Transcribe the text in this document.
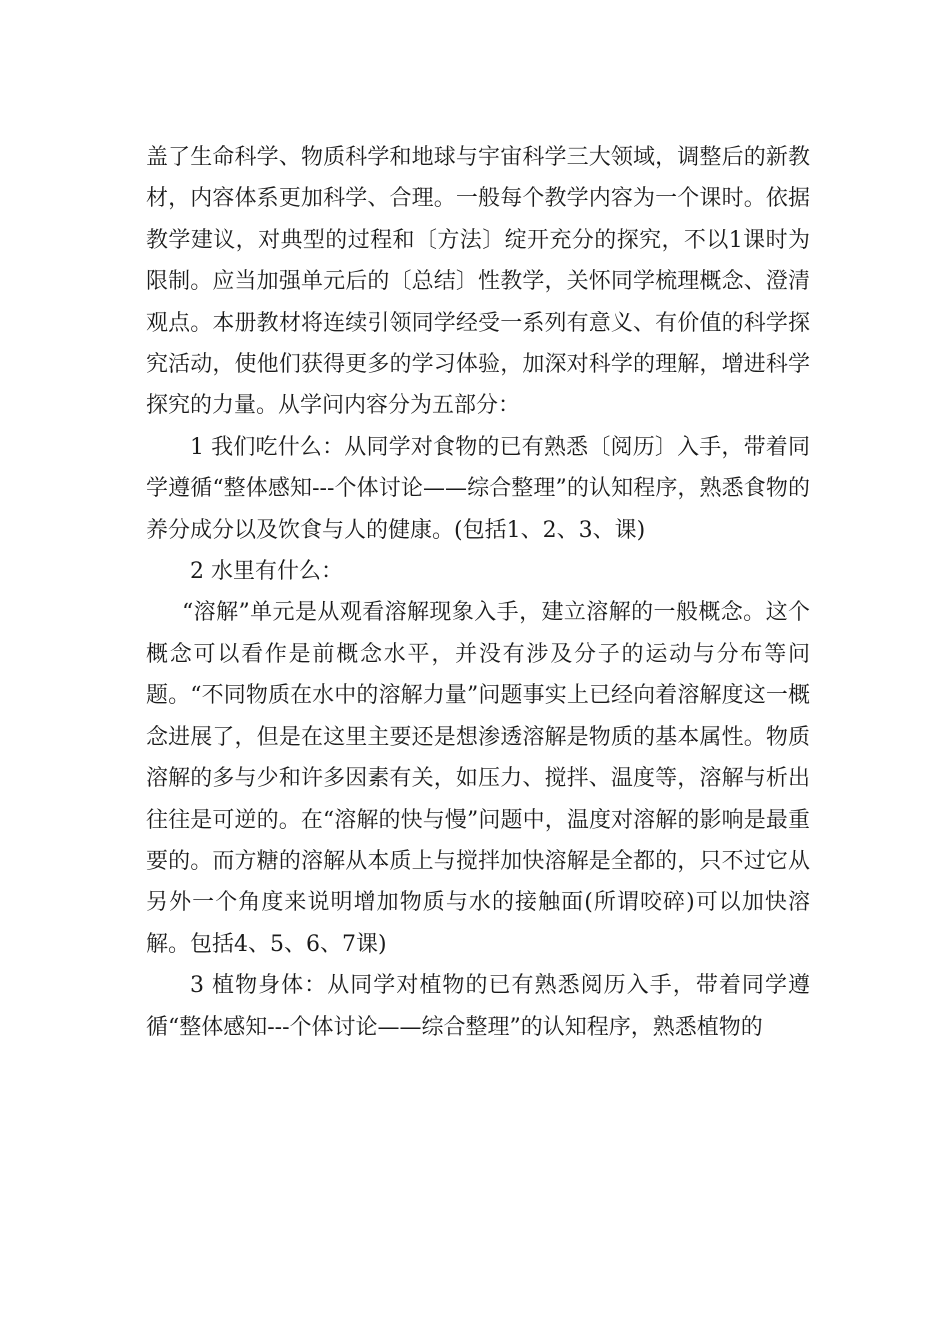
盖了生命科学、物质科学和地球与宇宙科学三大领域，调整后的新教材，内容体系更加科学、合理。一般每个教学内容为一个课时。依据教学建议，对典型的过程和〔方法〕绽开充分的探究，不以1课时为限制。应当加强单元后的〔总结〕性教学，关怀同学梳理概念、澄清观点。本册教材将连续引领同学经受一系列有意义、有价值的科学探究活动，使他们获得更多的学习体验，加深对科学的理解，增进科学探究的力量。从学问内容分为五部分：

1 我们吃什么：从同学对食物的已有熟悉〔阅历〕入手，带着同学遵循“整体感知---个体讨论——综合整理”的认知程序，熟悉食物的养分成分以及饮食与人的健康。(包括1、2、3、课)

2 水里有什么：

“溶解”单元是从观看溶解现象入手，建立溶解的一般概念。这个概念可以看作是前概念水平，并没有涉及分子的运动与分布等问题。“不同物质在水中的溶解力量”问题事实上已经向着溶解度这一概念进展了，但是在这里主要还是想渗透溶解是物质的基本属性。物质溶解的多与少和许多因素有关，如压力、搅拌、温度等，溶解与析出往往是可逆的。在“溶解的快与慢”问题中，温度对溶解的影响是最重要的。而方糖的溶解从本质上与搅拌加快溶解是全都的，只不过它从另外一个角度来说明增加物质与水的接触面(所谓咬碎)可以加快溶解。包括4、5、6、7课)

3 植物身体：从同学对植物的已有熟悉阅历入手，带着同学遵循“整体感知---个体讨论——综合整理”的认知程序，熟悉植物的
